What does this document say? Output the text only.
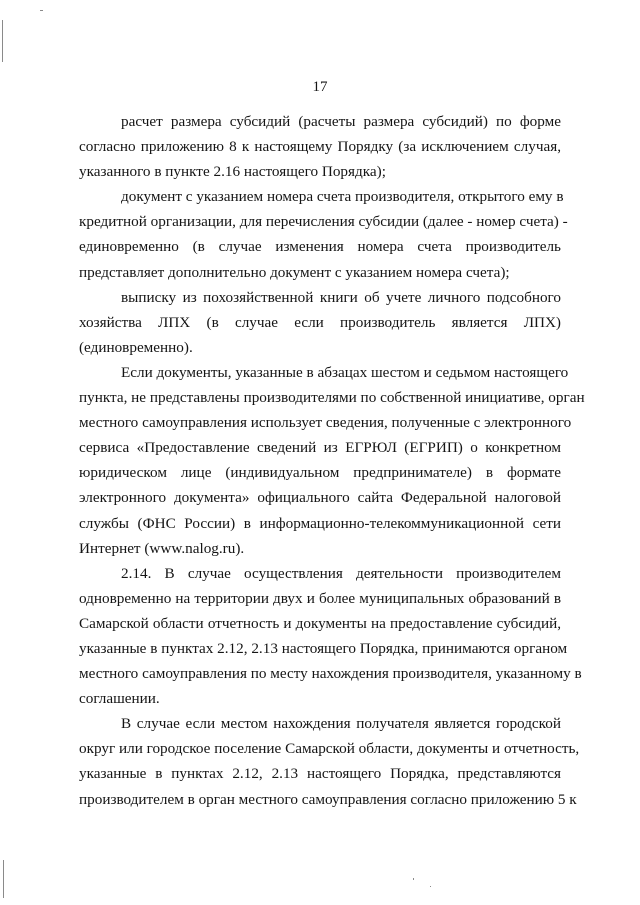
17

расчет размера субсидий (расчеты размера субсидий) по форме
согласно приложению 8 к настоящему Порядку (за исключением случая,
указанного в пункте 2.16 настоящего Порядка);

документ с указанием номера счета производителя, открытого ему в
кредитной организации, для перечисления субсидии (далее - номер счета) -
единовременно (в случае изменения номера счета производитель
представляет дополнительно документ с указанием номера счета);

выписку из похозяйственной книги об учете личного подсобного
хозяйства ЛПХ (в случае если производитель является ЛПХ)
(единовременно).

Если документы, указанные в абзацах шестом и седьмом настоящего
пункта, не представлены производителями по собственной инициативе, орган
местного самоуправления использует сведения, полученные с электронного
сервиса «Предоставление сведений из ЕГРЮЛ (ЕГРИП) о конкретном
юридическом лице (индивидуальном предпринимателе) в формате
электронного документа» официального сайта Федеральной налоговой
службы (ФНС России) в информационно-телекоммуникационной сети
Интернет (www.nalog.ru).

2.14. В случае осуществления деятельности производителем
одновременно на территории двух и более муниципальных образований в
Самарской области отчетность и документы на предоставление субсидий,
указанные в пунктах 2.12, 2.13 настоящего Порядка, принимаются органом
местного самоуправления по месту нахождения производителя, указанному в
соглашении.

В случае если местом нахождения получателя является городской
округ или городское поселение Самарской области, документы и отчетность,
указанные в пунктах 2.12, 2.13 настоящего Порядка, представляются
производителем в орган местного самоуправления согласно приложению 5 к
